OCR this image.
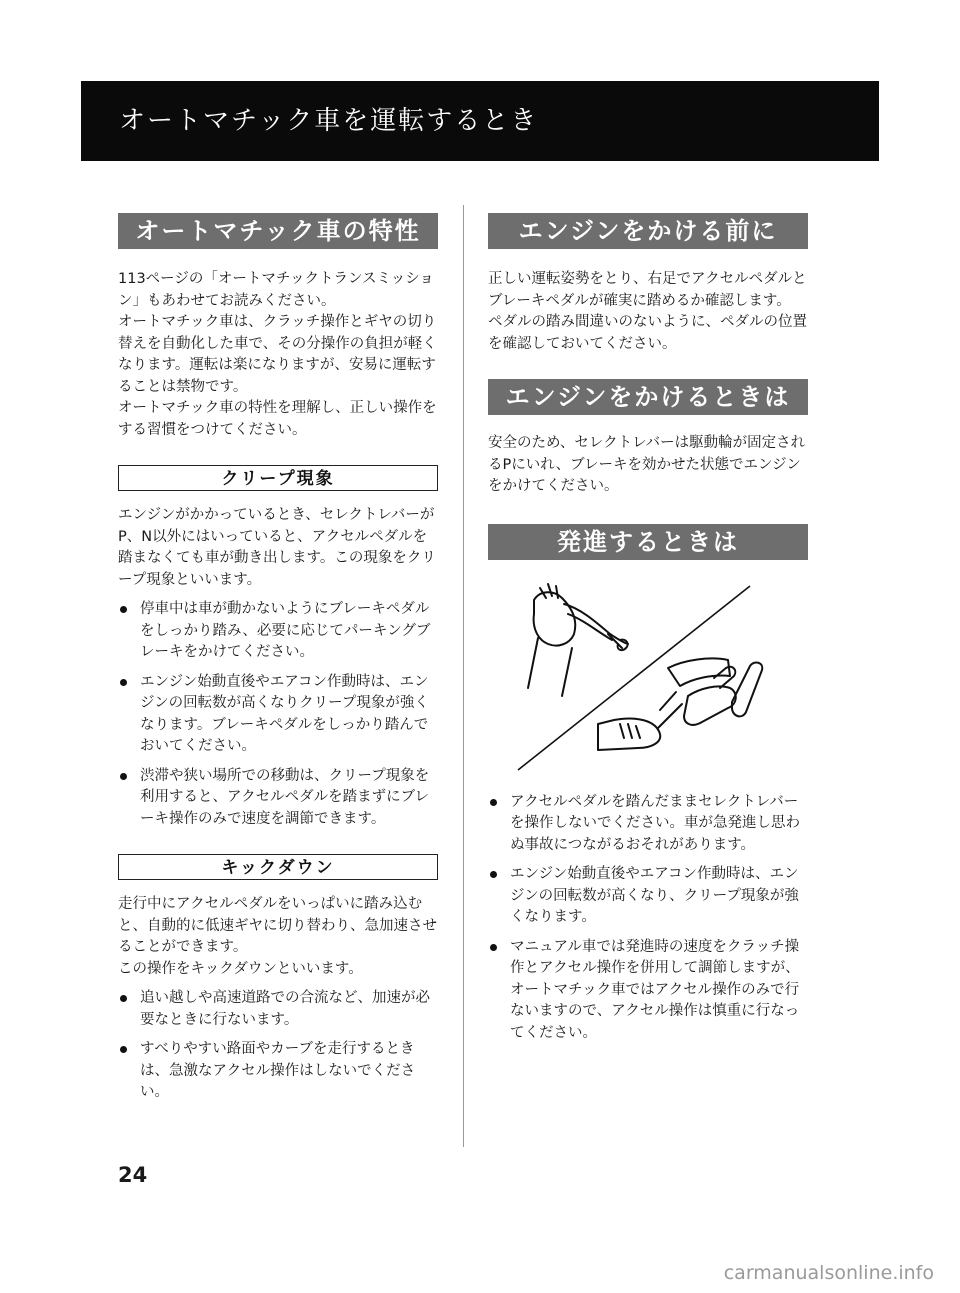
オートマチック車を運転するとき
オートマチック車の特性

113ページの「オートマチックトランスミッション」もあわせてお読みください。

オートマチック車は、クラッチ操作とギヤの切り替えを自動化した車で、その分操作の負担が軽くなります。運転は楽になりますが、安易に運転することは禁物です。

オートマチック車の特性を理解し、正しい操作をする習慣をつけてください。

クリープ現象

エンジンがかかっているとき、セレクトレバーがP、N以外にはいっていると、アクセルペダルを踏まなくても車が動き出します。この現象をクリープ現象といいます。

停車中は車が動かないようにブレーキペダルをしっかり踏み、必要に応じてパーキングブレーキをかけてください。
エンジン始動直後やエアコン作動時は、エンジンの回転数が高くなりクリープ現象が強くなります。ブレーキペダルをしっかり踏んでおいてください。
渋滞や狭い場所での移動は、クリープ現象を利用すると、アクセルペダルを踏まずにブレーキ操作のみで速度を調節できます。
キックダウン

走行中にアクセルペダルをいっぱいに踏み込むと、自動的に低速ギヤに切り替わり、急加速させることができます。

この操作をキックダウンといいます。

追い越しや高速道路での合流など、加速が必要なときに行ないます。
すべりやすい路面やカーブを走行するときは、急激なアクセル操作はしないでください。
エンジンをかける前に

正しい運転姿勢をとり、右足でアクセルペダルとブレーキペダルが確実に踏めるか確認します。

ペダルの踏み間違いのないように、ペダルの位置を確認しておいてください。

エンジンをかけるときは

安全のため、セレクトレバーは駆動輪が固定されるPにいれ、ブレーキを効かせた状態でエンジンをかけてください。

発進するときは
アクセルペダルを踏んだままセレクトレバーを操作しないでください。車が急発進し思わぬ事故につながるおそれがあります。
エンジン始動直後やエアコン作動時は、エンジンの回転数が高くなり、クリープ現象が強くなります。
マニュアル車では発進時の速度をクラッチ操作とアクセル操作を併用して調節しますが、オートマチック車ではアクセル操作のみで行ないますので、アクセル操作は慎重に行なってください。
24
carmanualsonline.info
